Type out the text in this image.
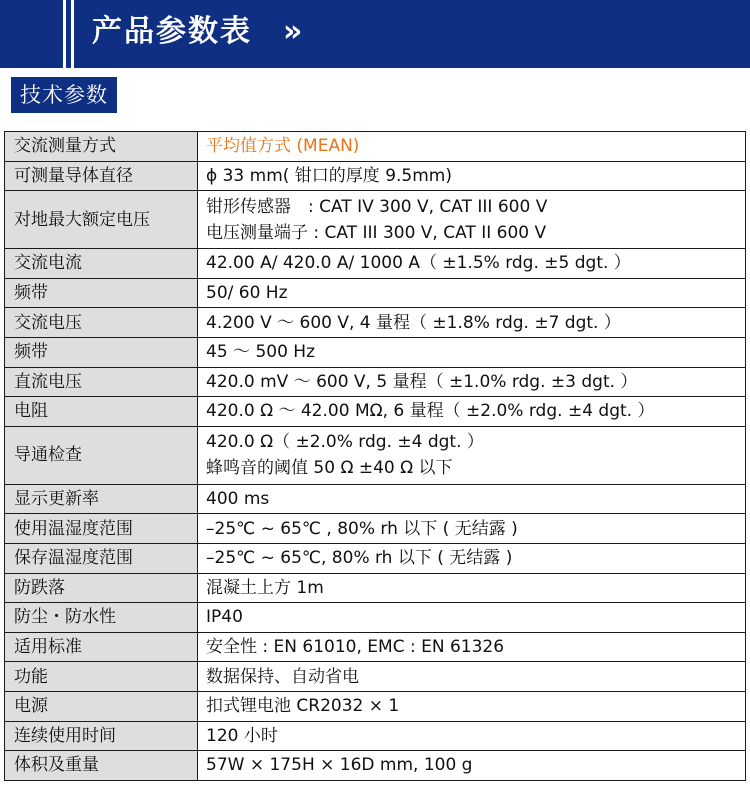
产品参数表 »
技术参数
交流测量方式	平均值方式 (MEAN)

可测量导体直径	ϕ 33 mm( 钳口的厚度 9.5mm)

对地最大额定电压	钳形传感器　: CAT IV 300 V, CAT III 600 V
电压测量端子 : CAT III 300 V, CAT II 600 V

交流电流	42.00 A/ 420.0 A/ 1000 A（ ±1.5% rdg. ±5 dgt. ）

频带	50/ 60 Hz

交流电压	4.200 V ～ 600 V, 4 量程（ ±1.8% rdg. ±7 dgt. ）

频带	45 ～ 500 Hz

直流电压	420.0 mV ～ 600 V, 5 量程（ ±1.0% rdg. ±3 dgt. ）

电阻	420.0 Ω ～ 42.00 MΩ, 6 量程（ ±2.0% rdg. ±4 dgt. ）

导通检查	420.0 Ω（ ±2.0% rdg. ±4 dgt. ）
蜂鸣音的阈值 50 Ω ±40 Ω 以下

显示更新率	400 ms

使用温湿度范围	–25℃ ~ 65℃ , 80% rh 以下 ( 无结露 )

保存温湿度范围	–25℃ ~ 65℃, 80% rh 以下 ( 无结露 )

防跌落	混凝土上方 1m

防尘・防水性	IP40

适用标准	安全性 : EN 61010, EMC : EN 61326

功能	数据保持、自动省电

电源	扣式锂电池 CR2032 × 1

连续使用时间	120 小时

体积及重量	57W × 175H × 16D mm, 100 g
